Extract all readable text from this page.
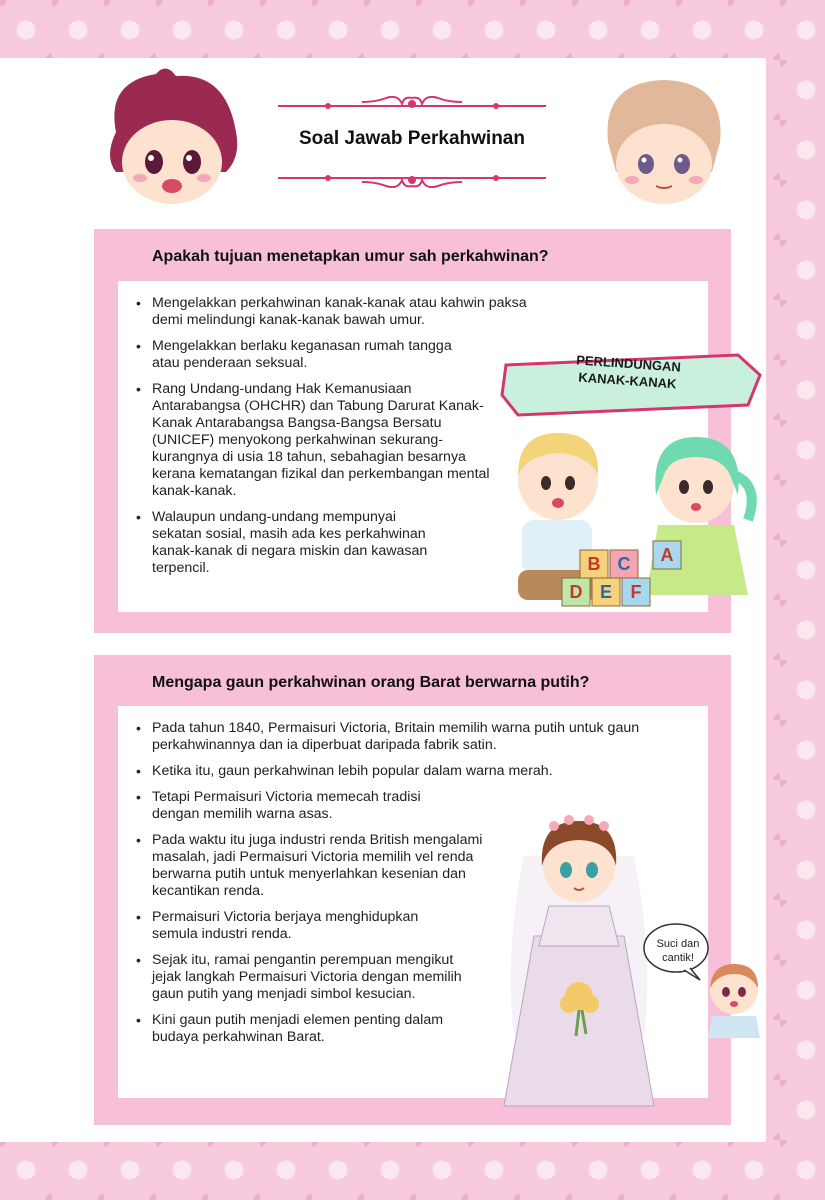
Soal Jawab Perkahwinan
Apakah tujuan menetapkan umur sah perkahwinan?
• Mengelakkan perkahwinan kanak-kanak atau kahwin paksa demi melindungi kanak-kanak bawah umur.
• Mengelakkan berlaku keganasan rumah tangga atau penderaan seksual.
• Rang Undang-undang Hak Kemanusiaan Antarabangsa (OHCHR) dan Tabung Darurat Kanak-Kanak Antarabangsa Bangsa-Bangsa Bersatu (UNICEF) menyokong perkahwinan sekurang-kurangnya di usia 18 tahun, sebahagian besarnya kerana kematangan fizikal dan perkembangan mental kanak-kanak.
• Walaupun undang-undang mempunyai sekatan sosial, masih ada kes perkahwinan kanak-kanak di negara miskin dan kawasan terpencil.	B C A
D E F
PERLINDUNGAN
KANAK-KANAK
Mengapa gaun perkahwinan orang Barat berwarna putih?
• Pada tahun 1840, Permaisuri Victoria, Britain memilih warna putih untuk gaun perkahwinannya dan ia diperbuat daripada fabrik satin.
• Ketika itu, gaun perkahwinan lebih popular dalam warna merah.
• Tetapi Permaisuri Victoria memecah tradisi dengan memilih warna asas.
• Pada waktu itu juga industri renda British mengalami masalah, jadi Permaisuri Victoria memilih vel renda berwarna putih untuk menyerlahkan kesenian dan kecantikan renda.
• Permaisuri Victoria berjaya menghidupkan semula industri renda.
• Sejak itu, ramai pengantin perempuan mengikut jejak langkah Permaisuri Victoria dengan memilih gaun putih yang menjadi simbol kesucian.
• Kini gaun putih menjadi elemen penting dalam budaya perkahwinan Barat.
Suci dan
cantik!
